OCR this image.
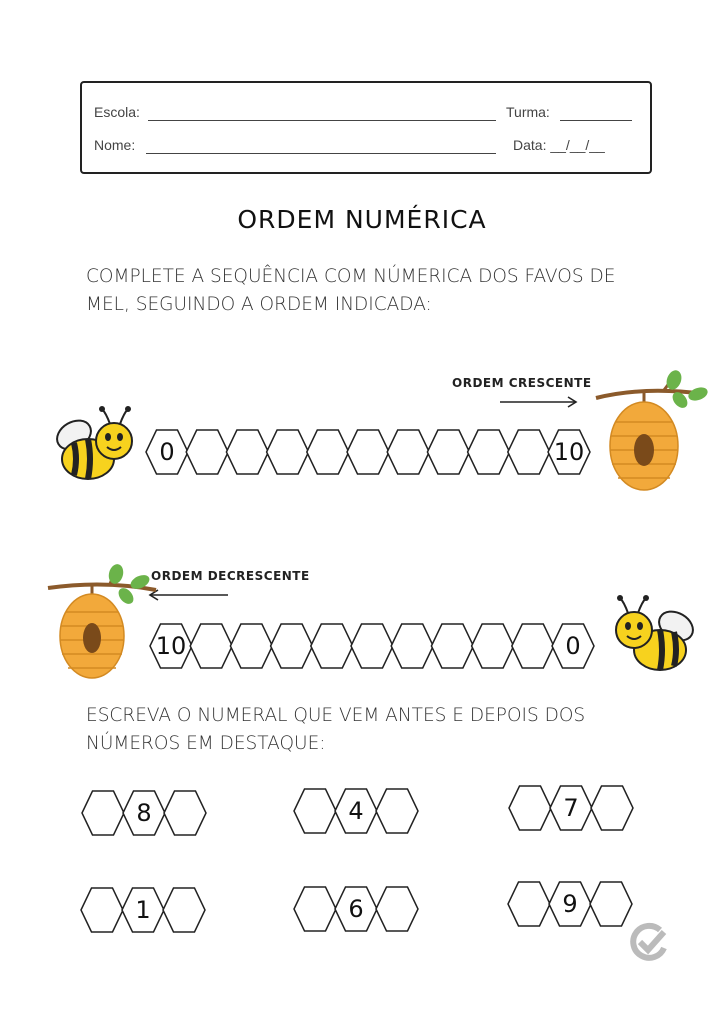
Escola:	Turma:
Nome:	Data: __/__/__
ORDEM NUMÉRICA
COMPLETE A SEQUÊNCIA COM NÚMERICA DOS FAVOS DE
MEL, SEGUINDO A ORDEM INDICADA:
ORDEM CRESCENTE
0	10
ORDEM DECRESCENTE
10	0
ESCREVA O NUMERAL QUE VEM ANTES E DEPOIS DOS
NÚMEROS EM DESTAQUE:
8	4	7
1	6	9
